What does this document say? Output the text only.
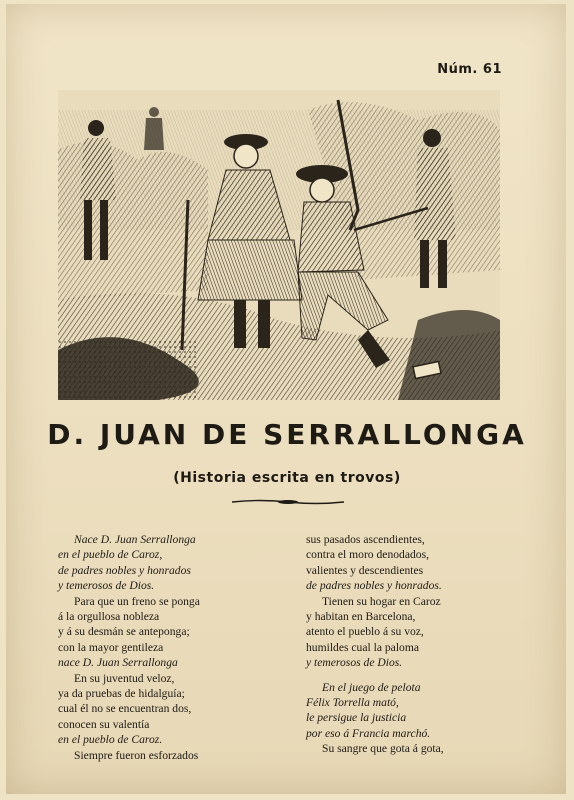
Núm. 61
D. JUAN DE SERRALLONGA
(Historia escrita en trovos)
Nace D. Juan Serrallonga
en el pueblo de Caroz,
de padres nobles y honrados
y temerosos de Dios.
Para que un freno se ponga
á la orgullosa nobleza
y á su desmán se anteponga;
con la mayor gentileza
nace D. Juan Serrallonga
En su juventud veloz,
ya da pruebas de hidalguía;
cual él no se encuentran dos,
conocen su valentía
en el pueblo de Caroz.
Siempre fueron esforzados
sus pasados ascendientes,
contra el moro denodados,
valientes y descendientes
de padres nobles y honrados.
Tienen su hogar en Caroz
y habitan en Barcelona,
atento el pueblo á su voz,
humildes cual la paloma
y temerosos de Dios.
En el juego de pelota
Félix Torrella mató,
le persigue la justicia
por eso á Francia marchó.
Su sangre que gota á gota,
